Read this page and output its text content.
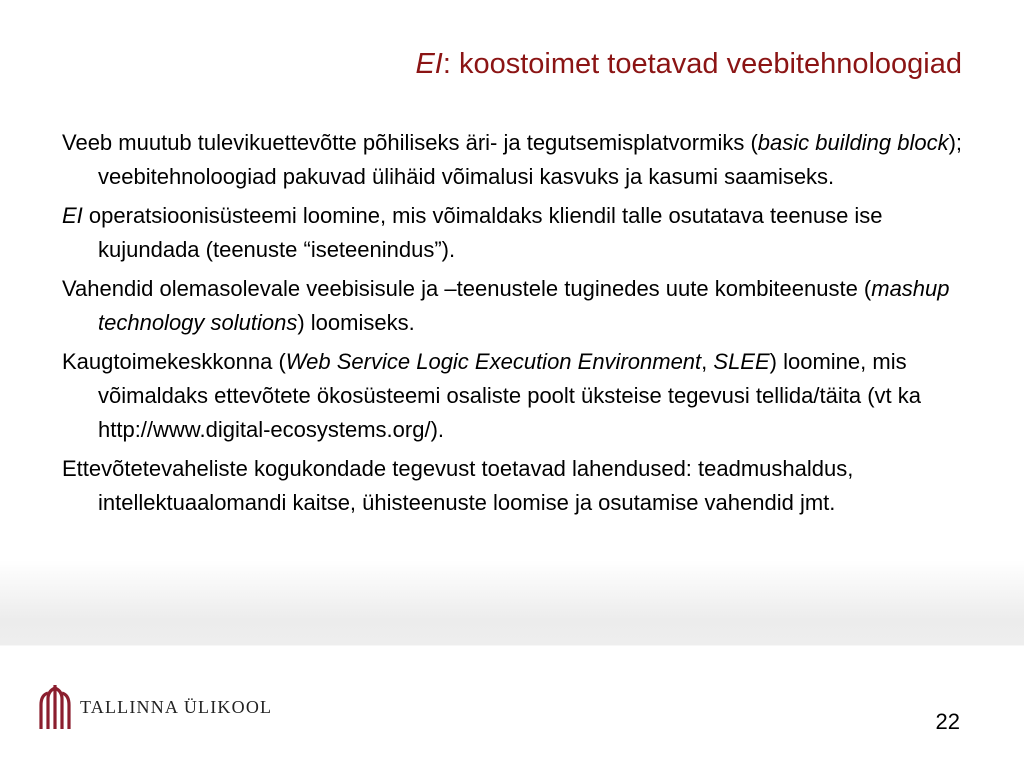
EI: koostoimet toetavad veebitehnoloogiad

Veeb muutub tulevikuettevõtte põhiliseks äri- ja tegutsemisplatvormiks (basic building block); veebitehnoloogiad pakuvad ülihäid võimalusi kasvuks ja kasumi saamiseks.

EI operatsioonisüsteemi loomine, mis võimaldaks kliendil talle osutatava teenuse ise kujundada (teenuste “iseteenindus”).

Vahendid olemasolevale veebisisule ja –teenustele tuginedes uute kombiteenuste (mashup technology solutions) loomiseks.

Kaugtoimekeskkonna (Web Service Logic Execution Environment, SLEE) loomine, mis võimaldaks ettevõtete ökosüsteemi osaliste poolt üksteise tegevusi tellida/täita (vt ka http://www.digital-ecosystems.org/).

Ettevõtetevaheliste kogukondade tegevust toetavad lahendused: teadmushaldus, intellektuaalomandi kaitse, ühisteenuste loomise ja osutamise vahendid jmt.

TALLINNA ÜLIKOOL
22
